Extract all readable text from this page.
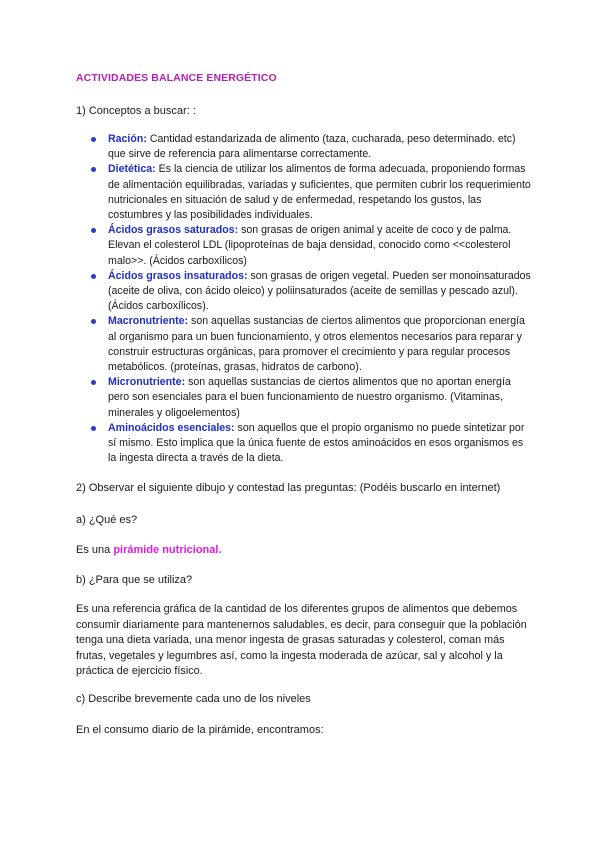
ACTIVIDADES BALANCE ENERGÉTICO
1) Conceptos a buscar: :
Ración: Cantidad estandarizada de alimento (taza, cucharada, peso determinado. etc) que sirve de referencia para alimentarse correctamente.
Dietética: Es la ciencia de utilizar los alimentos de forma adecuada, proponiendo formas de alimentación equilibradas, variadas y suficientes, que permiten cubrir los requerimiento nutricionales en situación de salud y de enfermedad, respetando los gustos, las costumbres y las posibilidades individuales.
Ácidos grasos saturados: son grasas de origen animal y aceite de coco y de palma. Elevan el colesterol LDL (lipoproteínas de baja densidad, conocido como <<colesterol malo>>. (Ácidos carboxílicos)
Ácidos grasos insaturados: son grasas de origen vegetal. Pueden ser monoinsaturados (aceite de oliva, con ácido oleico) y poliinsaturados (aceite de semillas y pescado azul). (Ácidos carboxílicos).
Macronutriente: son aquellas sustancias de ciertos alimentos que proporcionan energía al organismo para un buen funcionamiento, y otros elementos necesarios para reparar y construir estructuras orgánicas, para promover el crecimiento y para regular procesos metabólicos. (proteínas, grasas, hidratos de carbono).
Micronutriente: son aquellas sustancias de ciertos alimentos que no aportan energía pero son esenciales para el buen funcionamiento de nuestro organismo. (Vitaminas, minerales y oligoelementos)
Aminoácidos esenciales: son aquellos que el propio organismo no puede sintetizar por sí mismo. Esto implica que la única fuente de estos aminoácidos en esos organismos es la ingesta directa a través de la dieta.
2) Observar el siguiente dibujo y contestad las preguntas: (Podéis buscarlo en internet)
a) ¿Qué es?
Es una pirámide nutricional.
b) ¿Para que se utiliza?
Es una referencia gráfica de la cantidad de los diferentes grupos de alimentos que debemos consumir diariamente para mantenernos saludables, es decir, para conseguir que la población tenga una dieta variada, una menor ingesta de grasas saturadas y colesterol, coman más frutas, vegetales y legumbres así, como la ingesta moderada de azúcar, sal y alcohol y la práctica de ejercicio físico.
c) Describe brevemente cada uno de los niveles
En el consumo diario de la pirámide, encontramos:
